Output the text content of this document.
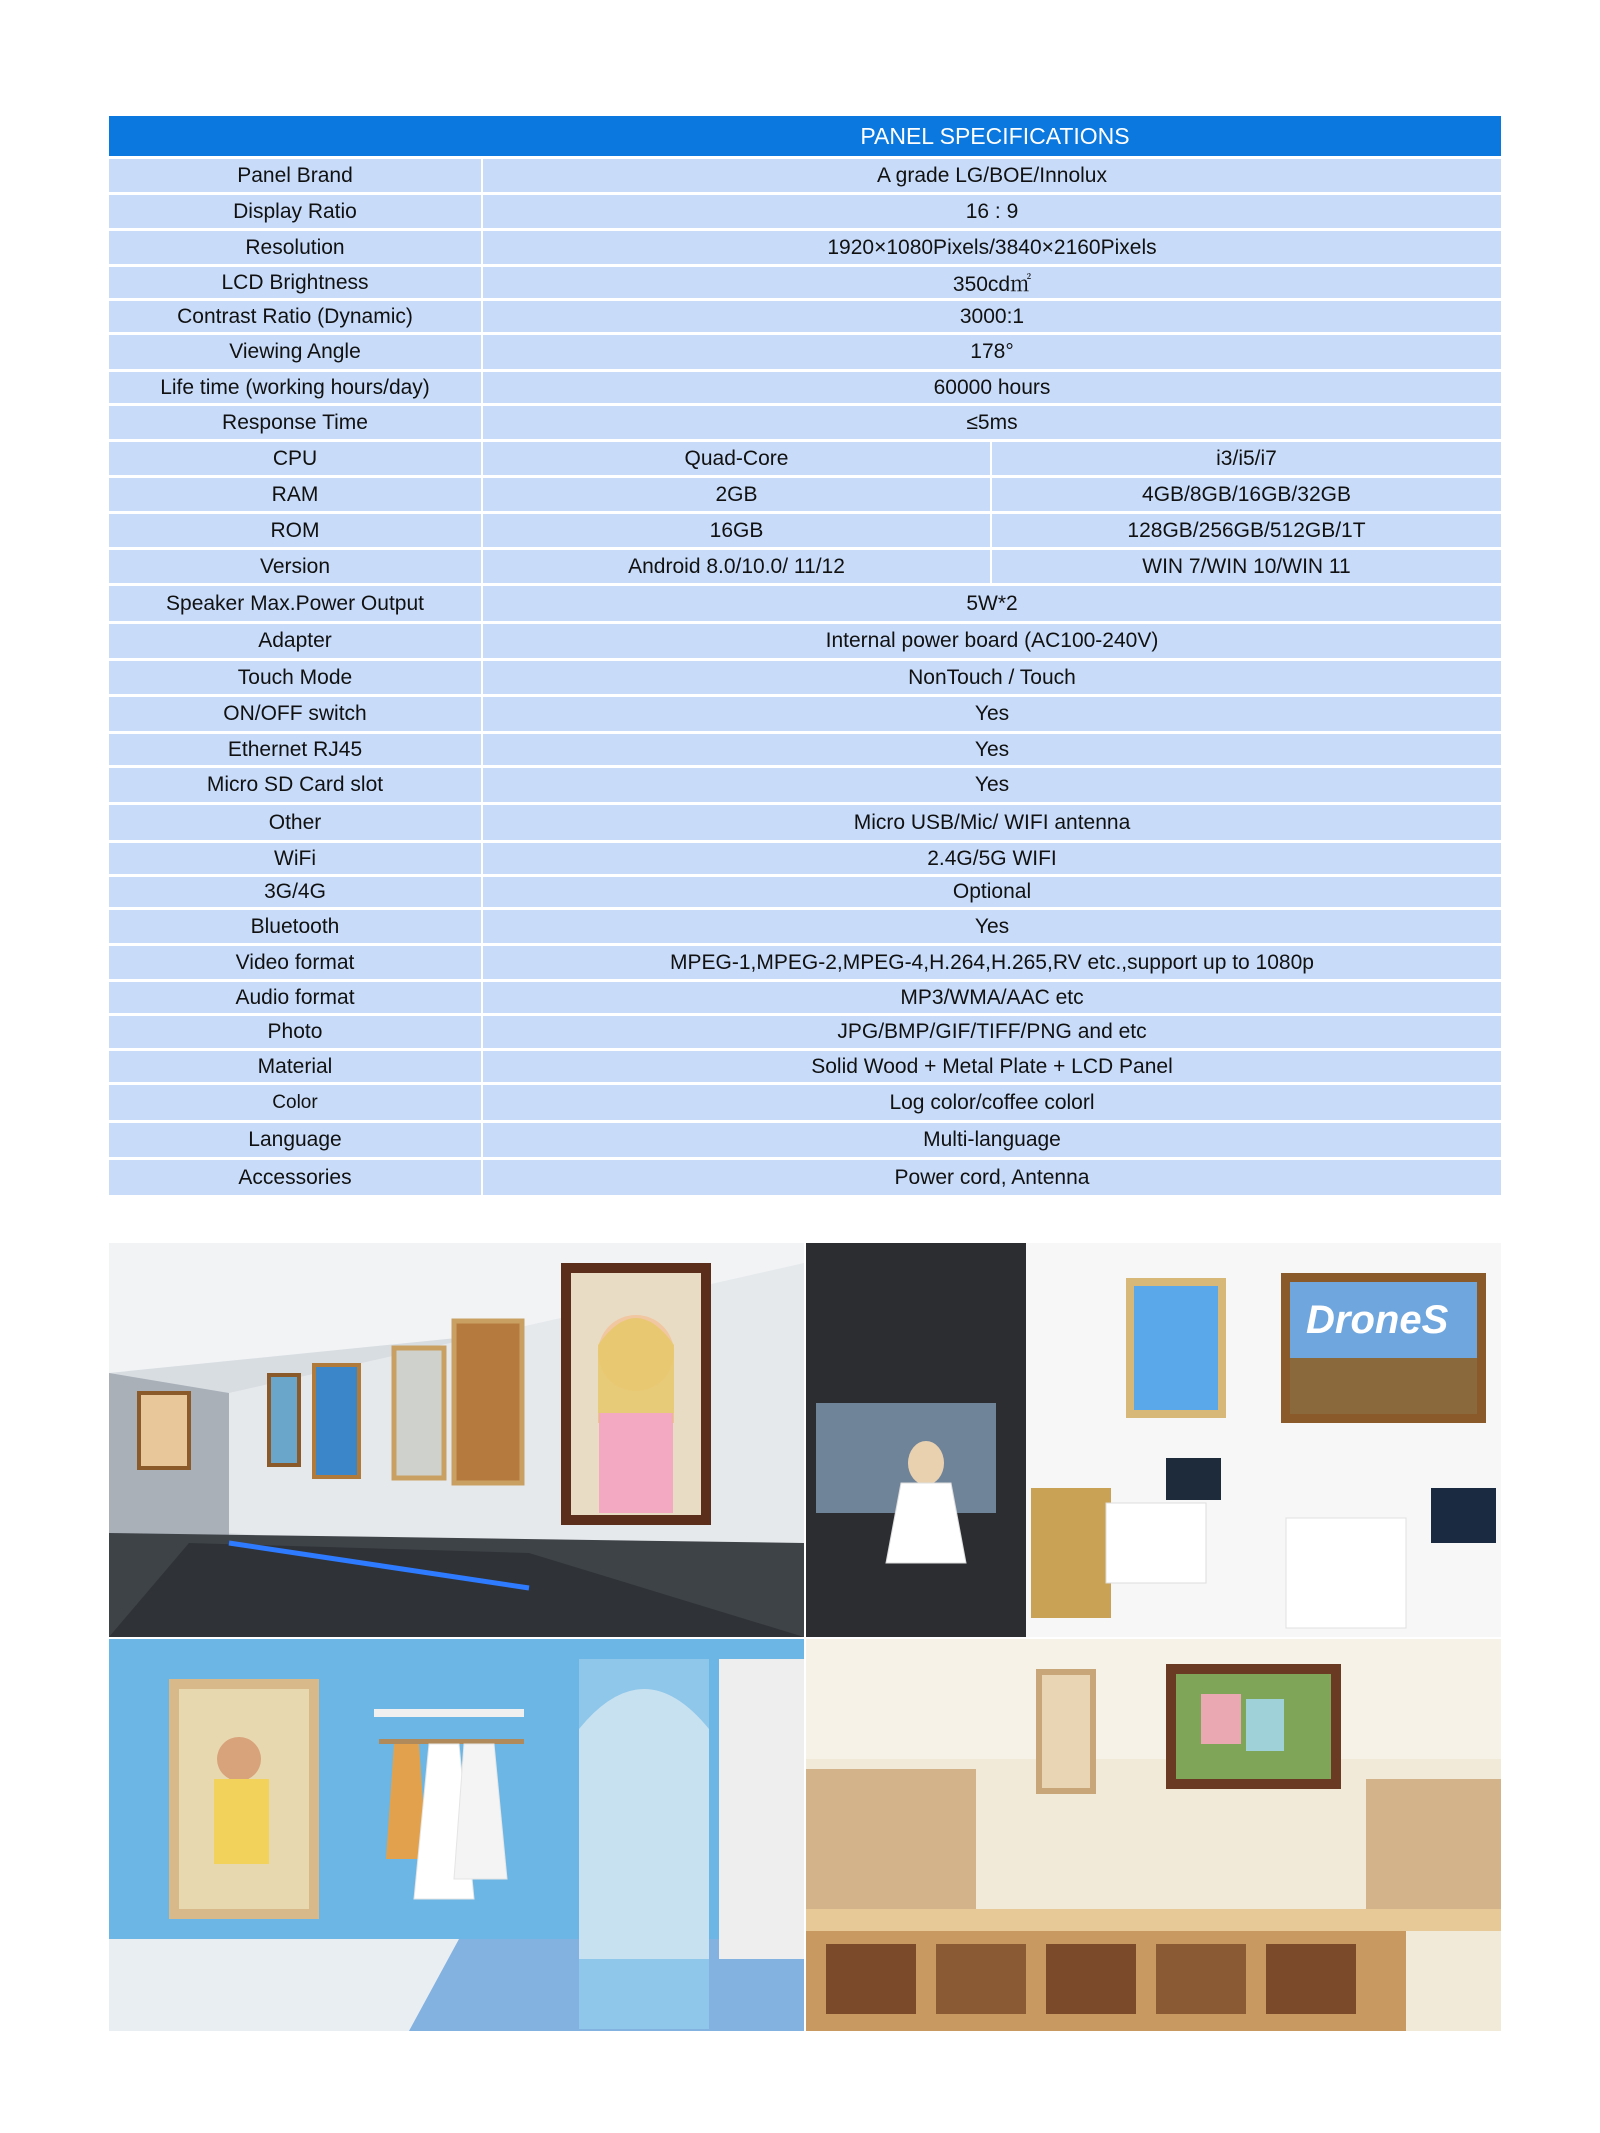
PANEL SPECIFICATIONS
Panel Brand	A grade LG/BOE/Innolux
Display Ratio	16 : 9
Resolution	1920×1080Pixels/3840×2160Pixels
LCD Brightness	350cd㎡
Contrast Ratio (Dynamic)	3000:1
Viewing Angle	178°
Life time (working hours/day)	60000 hours
Response Time	≤5ms
CPU	Quad-Core	i3/i5/i7
RAM	2GB	4GB/8GB/16GB/32GB
ROM	16GB	128GB/256GB/512GB/1T
Version	Android 8.0/10.0/ 11/12	WIN 7/WIN 10/WIN 11
Speaker Max.Power Output	5W*2
Adapter	Internal power board (AC100-240V)
Touch Mode	NonTouch / Touch
ON/OFF switch	Yes
Ethernet RJ45	Yes
Micro SD Card slot	Yes
Other	Micro USB/Mic/ WIFI antenna
WiFi	2.4G/5G WIFI
3G/4G	Optional
Bluetooth	Yes
Video format	MPEG-1,MPEG-2,MPEG-4,H.264,H.265,RV etc.,support up to 1080p
Audio format	MP3/WMA/AAC etc
Photo	JPG/BMP/GIF/TIFF/PNG and etc
Material	Solid Wood + Metal Plate + LCD Panel
Color	Log color/coffee colorl
Language	Multi-language
Accessories	Power cord, Antenna
DroneS
